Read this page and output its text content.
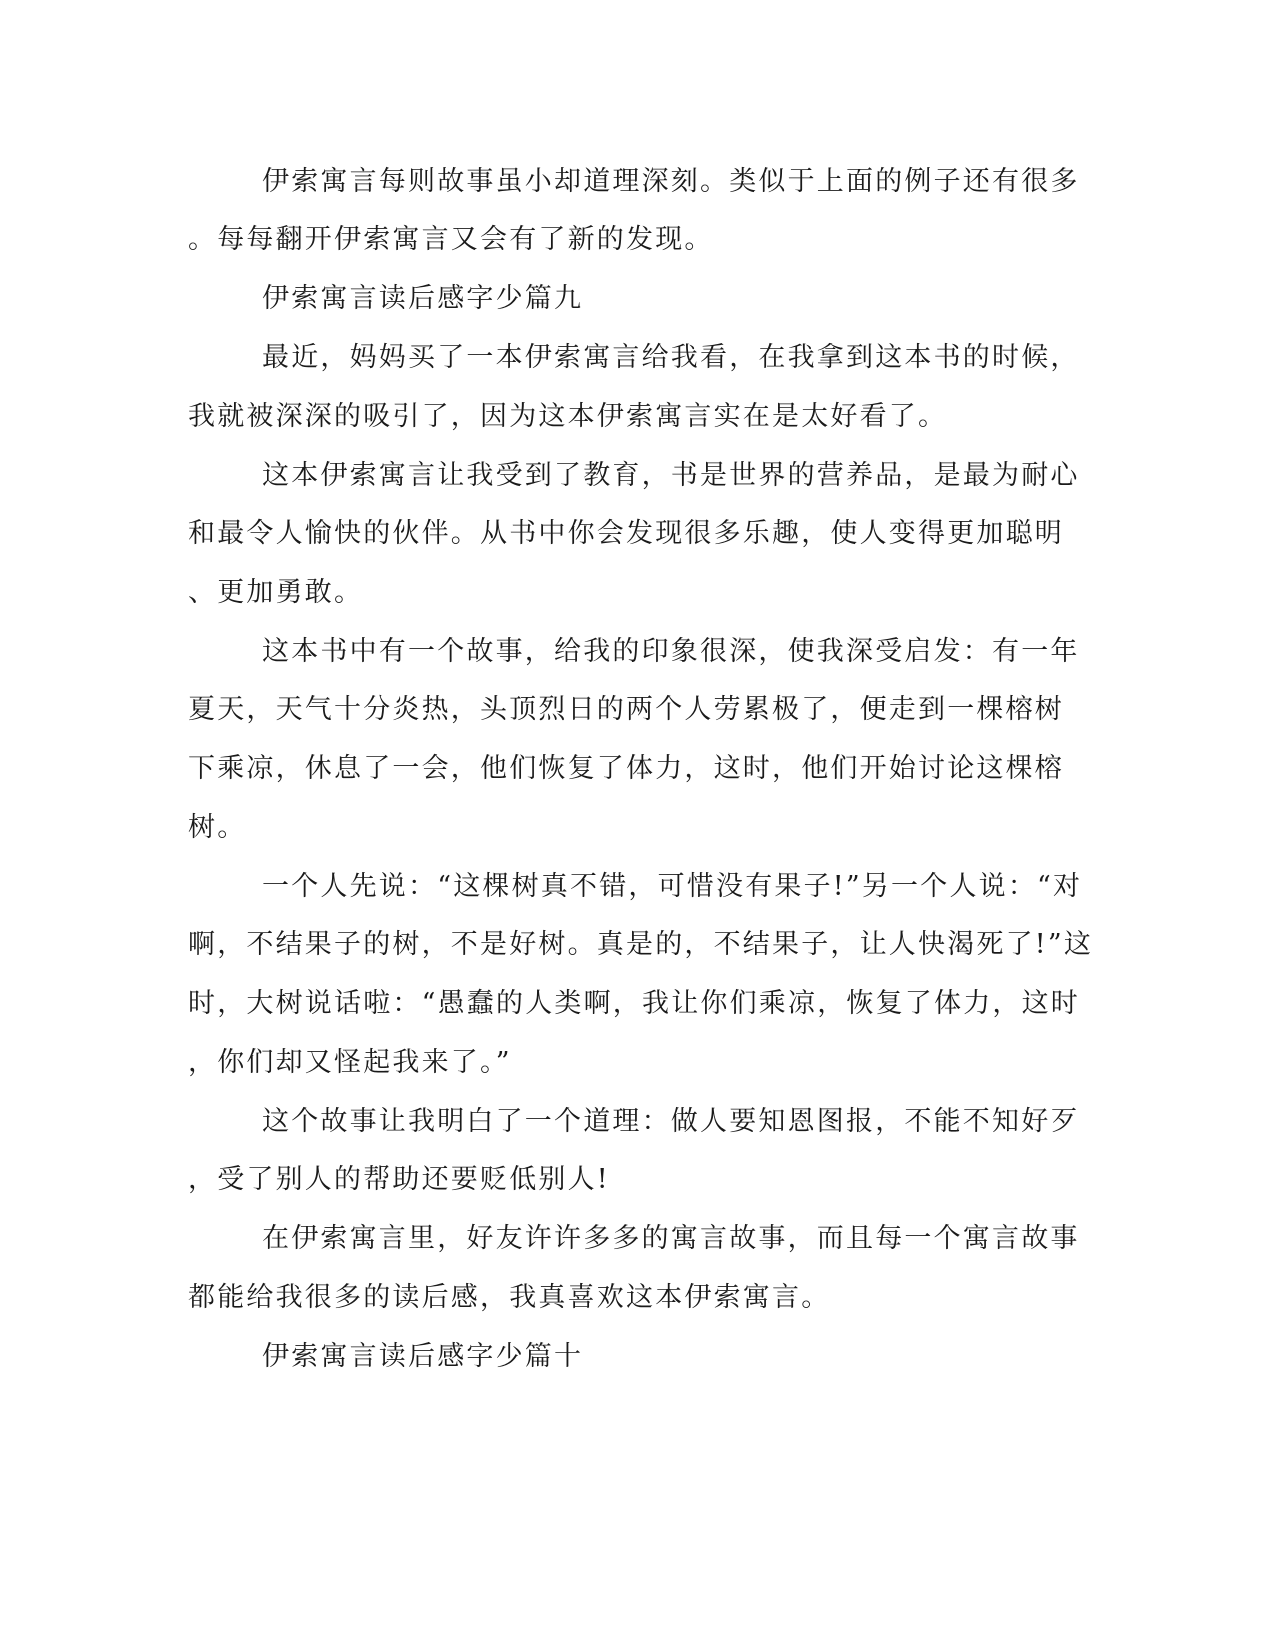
伊索寓言每则故事虽小却道理深刻。类似于上面的例子还有很多
。每每翻开伊索寓言又会有了新的发现。
伊索寓言读后感字少篇九
最近，妈妈买了一本伊索寓言给我看，在我拿到这本书的时候，
我就被深深的吸引了，因为这本伊索寓言实在是太好看了。
这本伊索寓言让我受到了教育，书是世界的营养品，是最为耐心
和最令人愉快的伙伴。从书中你会发现很多乐趣，使人变得更加聪明
、更加勇敢。
这本书中有一个故事，给我的印象很深，使我深受启发：有一年
夏天，天气十分炎热，头顶烈日的两个人劳累极了，便走到一棵榕树
下乘凉，休息了一会，他们恢复了体力，这时，他们开始讨论这棵榕
树。
一个人先说：“这棵树真不错，可惜没有果子!”另一个人说：“对
啊，不结果子的树，不是好树。真是的，不结果子，让人快渴死了!”这
时，大树说话啦：“愚蠢的人类啊，我让你们乘凉，恢复了体力，这时
，你们却又怪起我来了。”
这个故事让我明白了一个道理：做人要知恩图报，不能不知好歹
，受了别人的帮助还要贬低别人!
在伊索寓言里，好友许许多多的寓言故事，而且每一个寓言故事
都能给我很多的读后感，我真喜欢这本伊索寓言。
伊索寓言读后感字少篇十
